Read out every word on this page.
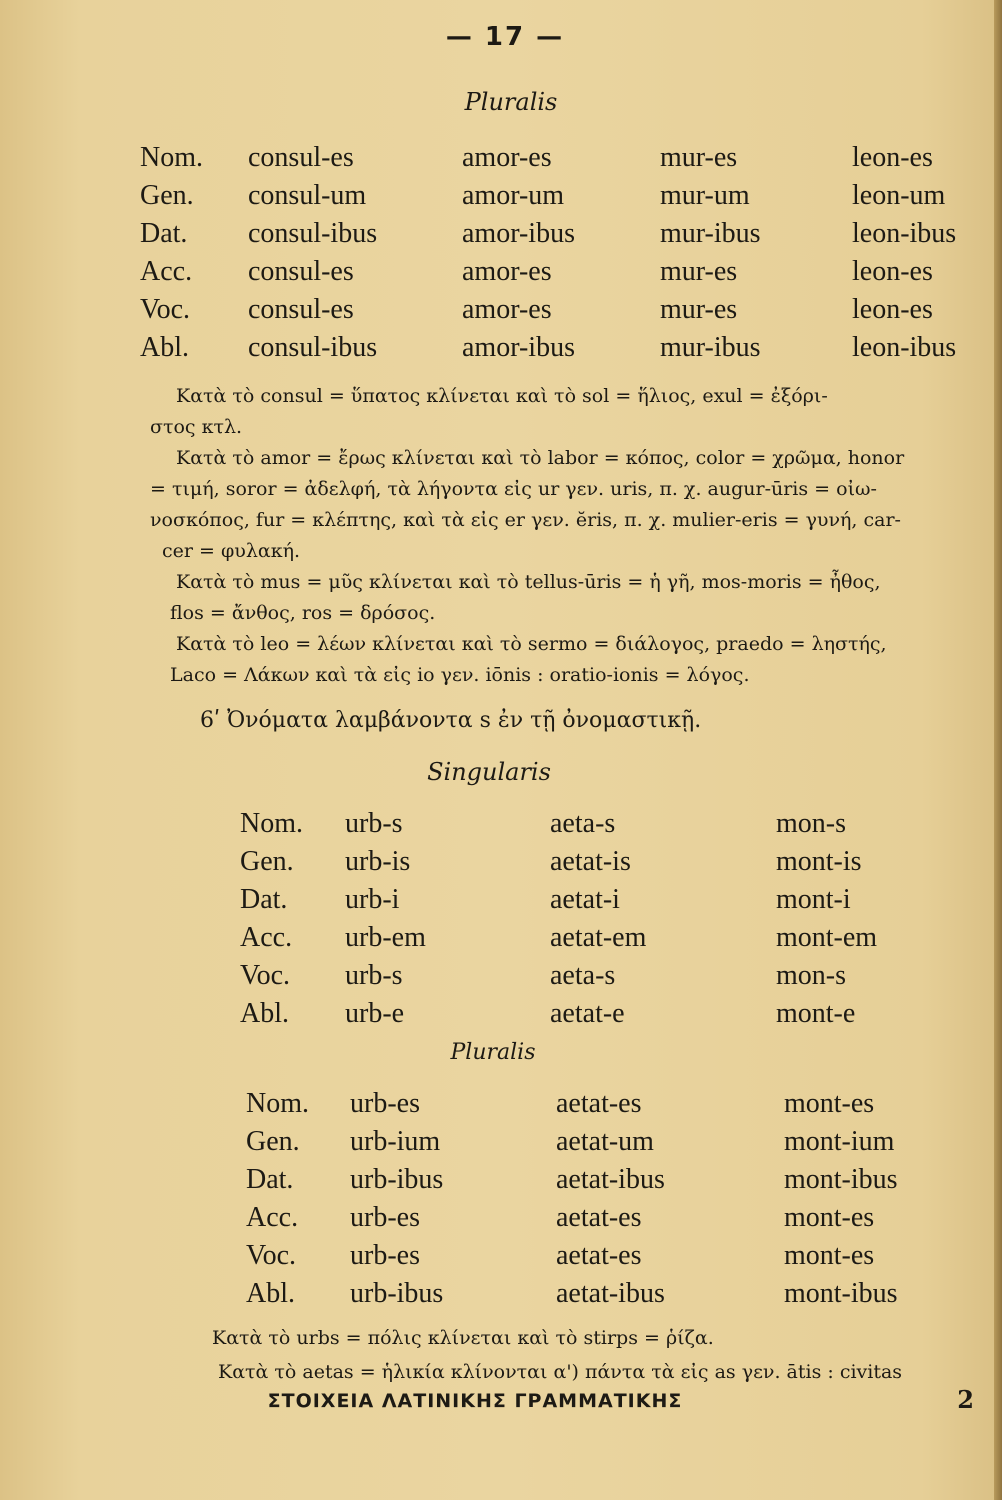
— 17 —
Pluralis
Nom. consul-es	amor-es	mur-es	leon-es
Gen. consul-um	amor-um	mur-um	leon-um
Dat. consul-ibus	amor-ibus	mur-ibus	leon-ibus
Acc. consul-es	amor-es	mur-es	leon-es
Voc. consul-es	amor-es	mur-es	leon-es
Abl. consul-ibus	amor-ibus	mur-ibus	leon-ibus
Κατὰ τὸ consul = ὕπατος κλίνεται καὶ τὸ sol = ἥλιος, exul = ἐξόρι-
στος κτλ.
Κατὰ τὸ amor = ἔρως κλίνεται καὶ τὸ labor = κόπος, color = χρῶμα, honor
= τιμή, soror = ἀδελφή, τὰ λήγοντα εἰς ur γεν. uris, π. χ. augur-ūris = οἰω-
νοσκόπος, fur = κλέπτης, καὶ τὰ εἰς er γεν. ĕris, π. χ. mulier-eris = γυνή, car-
cer = φυλακή.
Κατὰ τὸ mus = μῦς κλίνεται καὶ τὸ tellus-ūris = ἡ γῆ, mos-moris = ἦθος,
flos = ἄνθος, ros = δρόσος.
Κατὰ τὸ leo = λέων κλίνεται καὶ τὸ sermo = διάλογος, praedo = ληστής,
Laco = Λάκων καὶ τὰ εἰς io γεν. iōnis : oratio-ionis = λόγος.
6ʹ Ὀνόματα λαμβάνοντα s ἐν τῇ ὀνομαστικῇ.
Singularis
Nom. urb-s	aeta-s	mon-s
Gen. urb-is	aetat-is	mont-is
Dat. urb-i	aetat-i	mont-i
Acc. urb-em	aetat-em	mont-em
Voc. urb-s	aeta-s	mon-s
Abl. urb-e	aetat-e	mont-e
Pluralis
Nom. urb-es	aetat-es	mont-es
Gen. urb-ium	aetat-um	mont-ium
Dat. urb-ibus	aetat-ibus	mont-ibus
Acc. urb-es	aetat-es	mont-es
Voc. urb-es	aetat-es	mont-es
Abl. urb-ibus	aetat-ibus	mont-ibus
Κατὰ τὸ urbs = πόλις κλίνεται καὶ τὸ stirps = ῥίζα.
Κατὰ τὸ aetas = ἡλικία κλίνονται α') πάντα τὰ εἰς as γεν. ātis : civitas
ΣΤΟΙΧΕΙΑ ΛΑΤΙΝΙΚΗΣ ΓΡΑΜΜΑΤΙΚΗΣ	2
